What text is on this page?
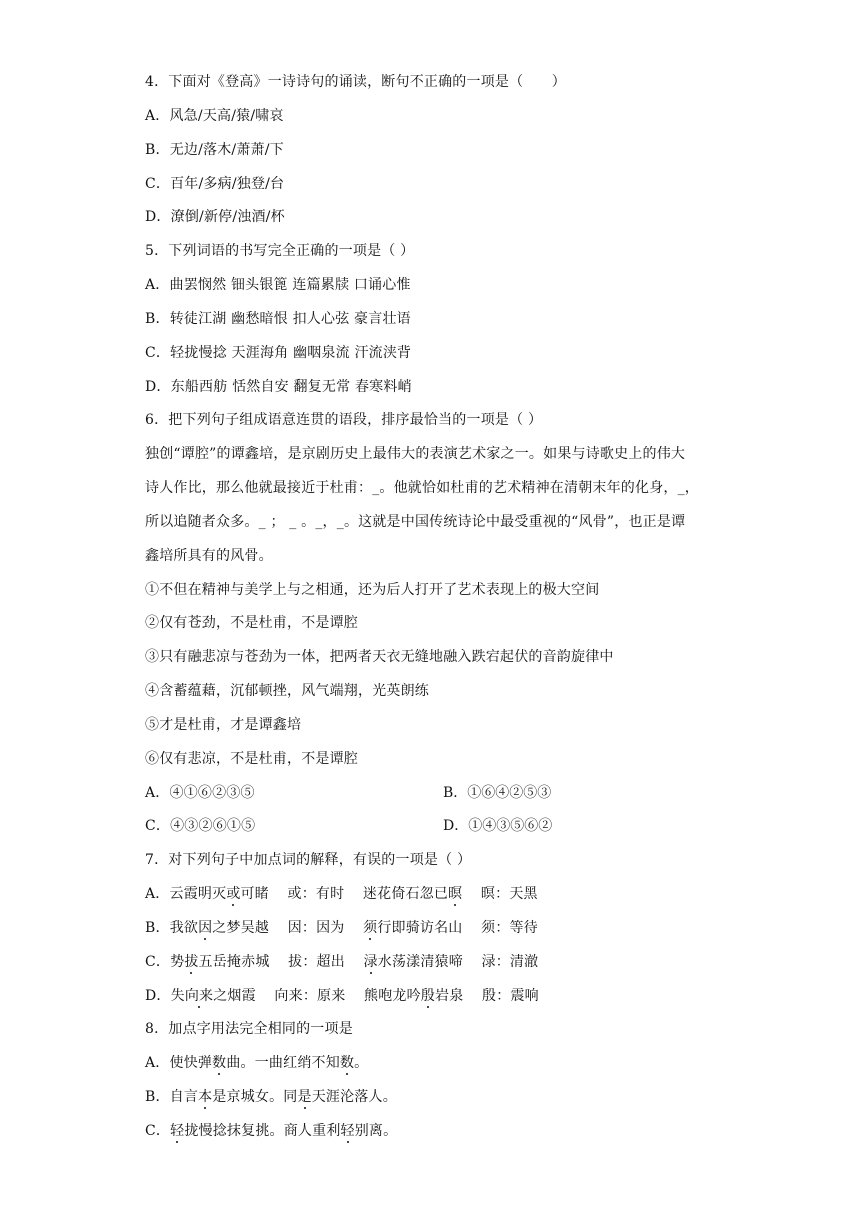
4．下面对《登高》一诗诗句的诵读，断句不正确的一项是（　　）
A．风急/天高/猿/啸哀
B．无边/落木/萧萧/下
C．百年/多病/独登/台
D．潦倒/新停/浊酒/杯
5．下列词语的书写完全正确的一项是（ ）
A．曲罢悯然 钿头银篦 连篇累牍 口诵心惟
B．转徒江湖 幽愁暗恨 扣人心弦 豪言壮语
C．轻拢慢捻 天涯海角 幽咽泉流 汗流浃背
D．东船西舫 恬然自安 翻复无常 春寒料峭
6．把下列句子组成语意连贯的语段，排序最恰当的一项是（ ）
独创“谭腔”的谭鑫培，是京剧历史上最伟大的表演艺术家之一。如果与诗歌史上的伟大
诗人作比，那么他就最接近于杜甫：_。他就恰如杜甫的艺术精神在清朝末年的化身，_，
所以追随者众多。_ ； _ 。_，_。这就是中国传统诗论中最受重视的“风骨”，也正是谭
鑫培所具有的风骨。
①不但在精神与美学上与之相通，还为后人打开了艺术表现上的极大空间
②仅有苍劲，不是杜甫，不是谭腔
③只有融悲凉与苍劲为一体，把两者天衣无缝地融入跌宕起伏的音韵旋律中
④含蓄蕴藉，沉郁顿挫，风气端翔，光英朗练
⑤才是杜甫，才是谭鑫培
⑥仅有悲凉，不是杜甫，不是谭腔
A．④①⑥②③⑤	B．①⑥④②⑤③
C．④③②⑥①⑤	D．①④③⑤⑥②
7．对下列句子中加点词的解释，有误的一项是（ ）
A．云霞明灭或可睹    或：有时    迷花倚石忽已暝    暝：天黑
B．我欲因之梦吴越    因：因为    须行即骑访名山    须：等待
C．势拔五岳掩赤城    拔：超出    渌水荡漾清猿啼    渌：清澈
D．失向来之烟霞    向来：原来    熊咆龙吟殷岩泉    殷：震响
8．加点字用法完全相同的一项是
A．使快弹数曲。一曲红绡不知数。
B．自言本是京城女。同是天涯沦落人。
C．轻拢慢捻抹复挑。商人重利轻别离。
